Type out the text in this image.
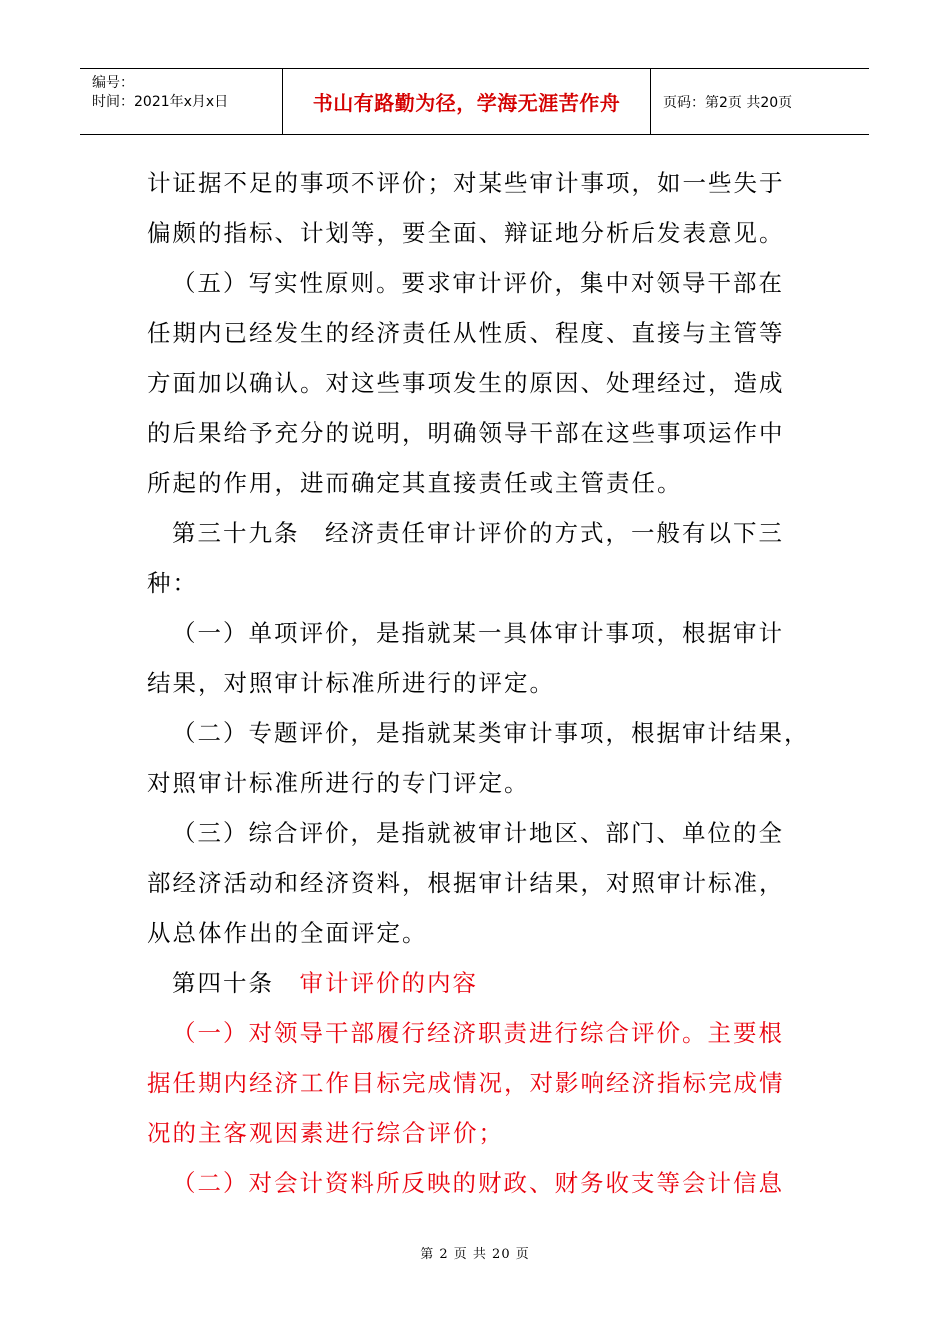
编号：
时间：2021年x月x日	书山有路勤为径，学海无涯苦作舟	页码：第2页 共20页
计证据不足的事项不评价；对某些审计事项，如一些失于
偏颇的指标、计划等，要全面、辩证地分析后发表意见。
（五）写实性原则。要求审计评价，集中对领导干部在
任期内已经发生的经济责任从性质、程度、直接与主管等
方面加以确认。对这些事项发生的原因、处理经过，造成
的后果给予充分的说明，明确领导干部在这些事项运作中
所起的作用，进而确定其直接责任或主管责任。
第三十九条　经济责任审计评价的方式，一般有以下三
种：
（一）单项评价，是指就某一具体审计事项，根据审计
结果，对照审计标准所进行的评定。
（二）专题评价，是指就某类审计事项，根据审计结果，
对照审计标准所进行的专门评定。
（三）综合评价，是指就被审计地区、部门、单位的全
部经济活动和经济资料，根据审计结果，对照审计标准，
从总体作出的全面评定。
第四十条　审计评价的内容
（一）对领导干部履行经济职责进行综合评价。主要根
据任期内经济工作目标完成情况，对影响经济指标完成情
况的主客观因素进行综合评价；
（二）对会计资料所反映的财政、财务收支等会计信息
第 2 页 共 20 页
